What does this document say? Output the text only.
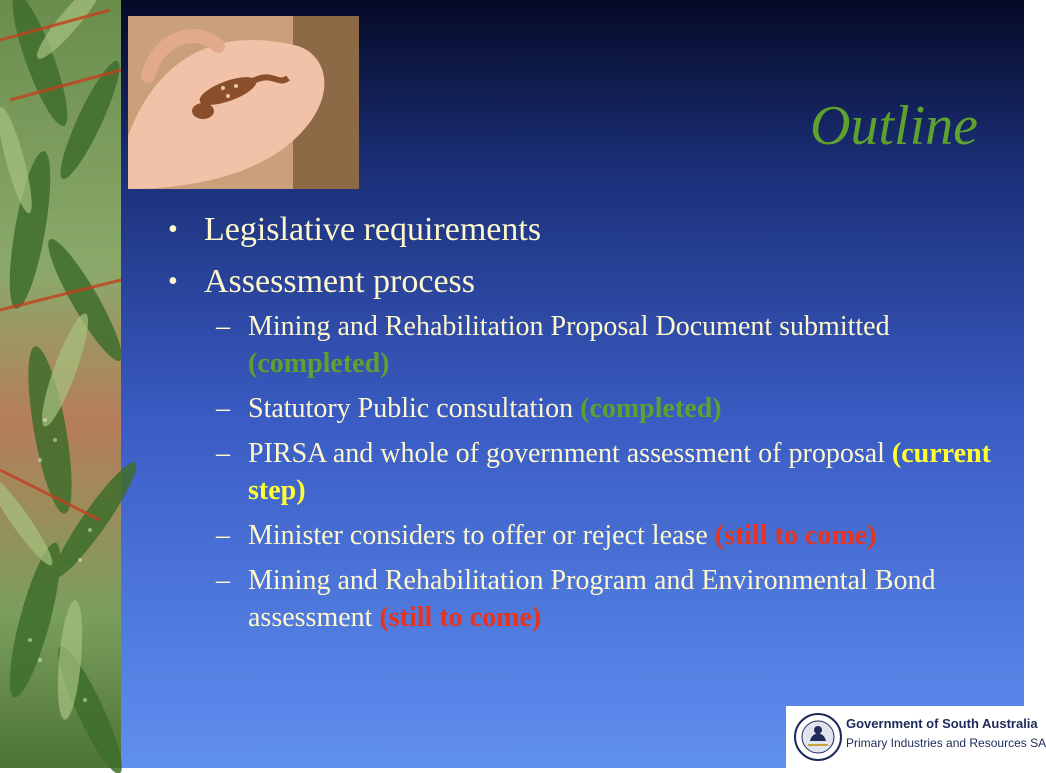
Outline
• Legislative requirements
• Assessment process
– Mining and Rehabilitation Proposal Document submitted (completed)
– Statutory Public consultation (completed)
– PIRSA and whole of government assessment of proposal (current step)
– Minister considers to offer or reject lease (still to come)
– Mining and Rehabilitation Program and Environmental Bond assessment (still to come)
Government of South Australia
Primary Industries and Resources SA
